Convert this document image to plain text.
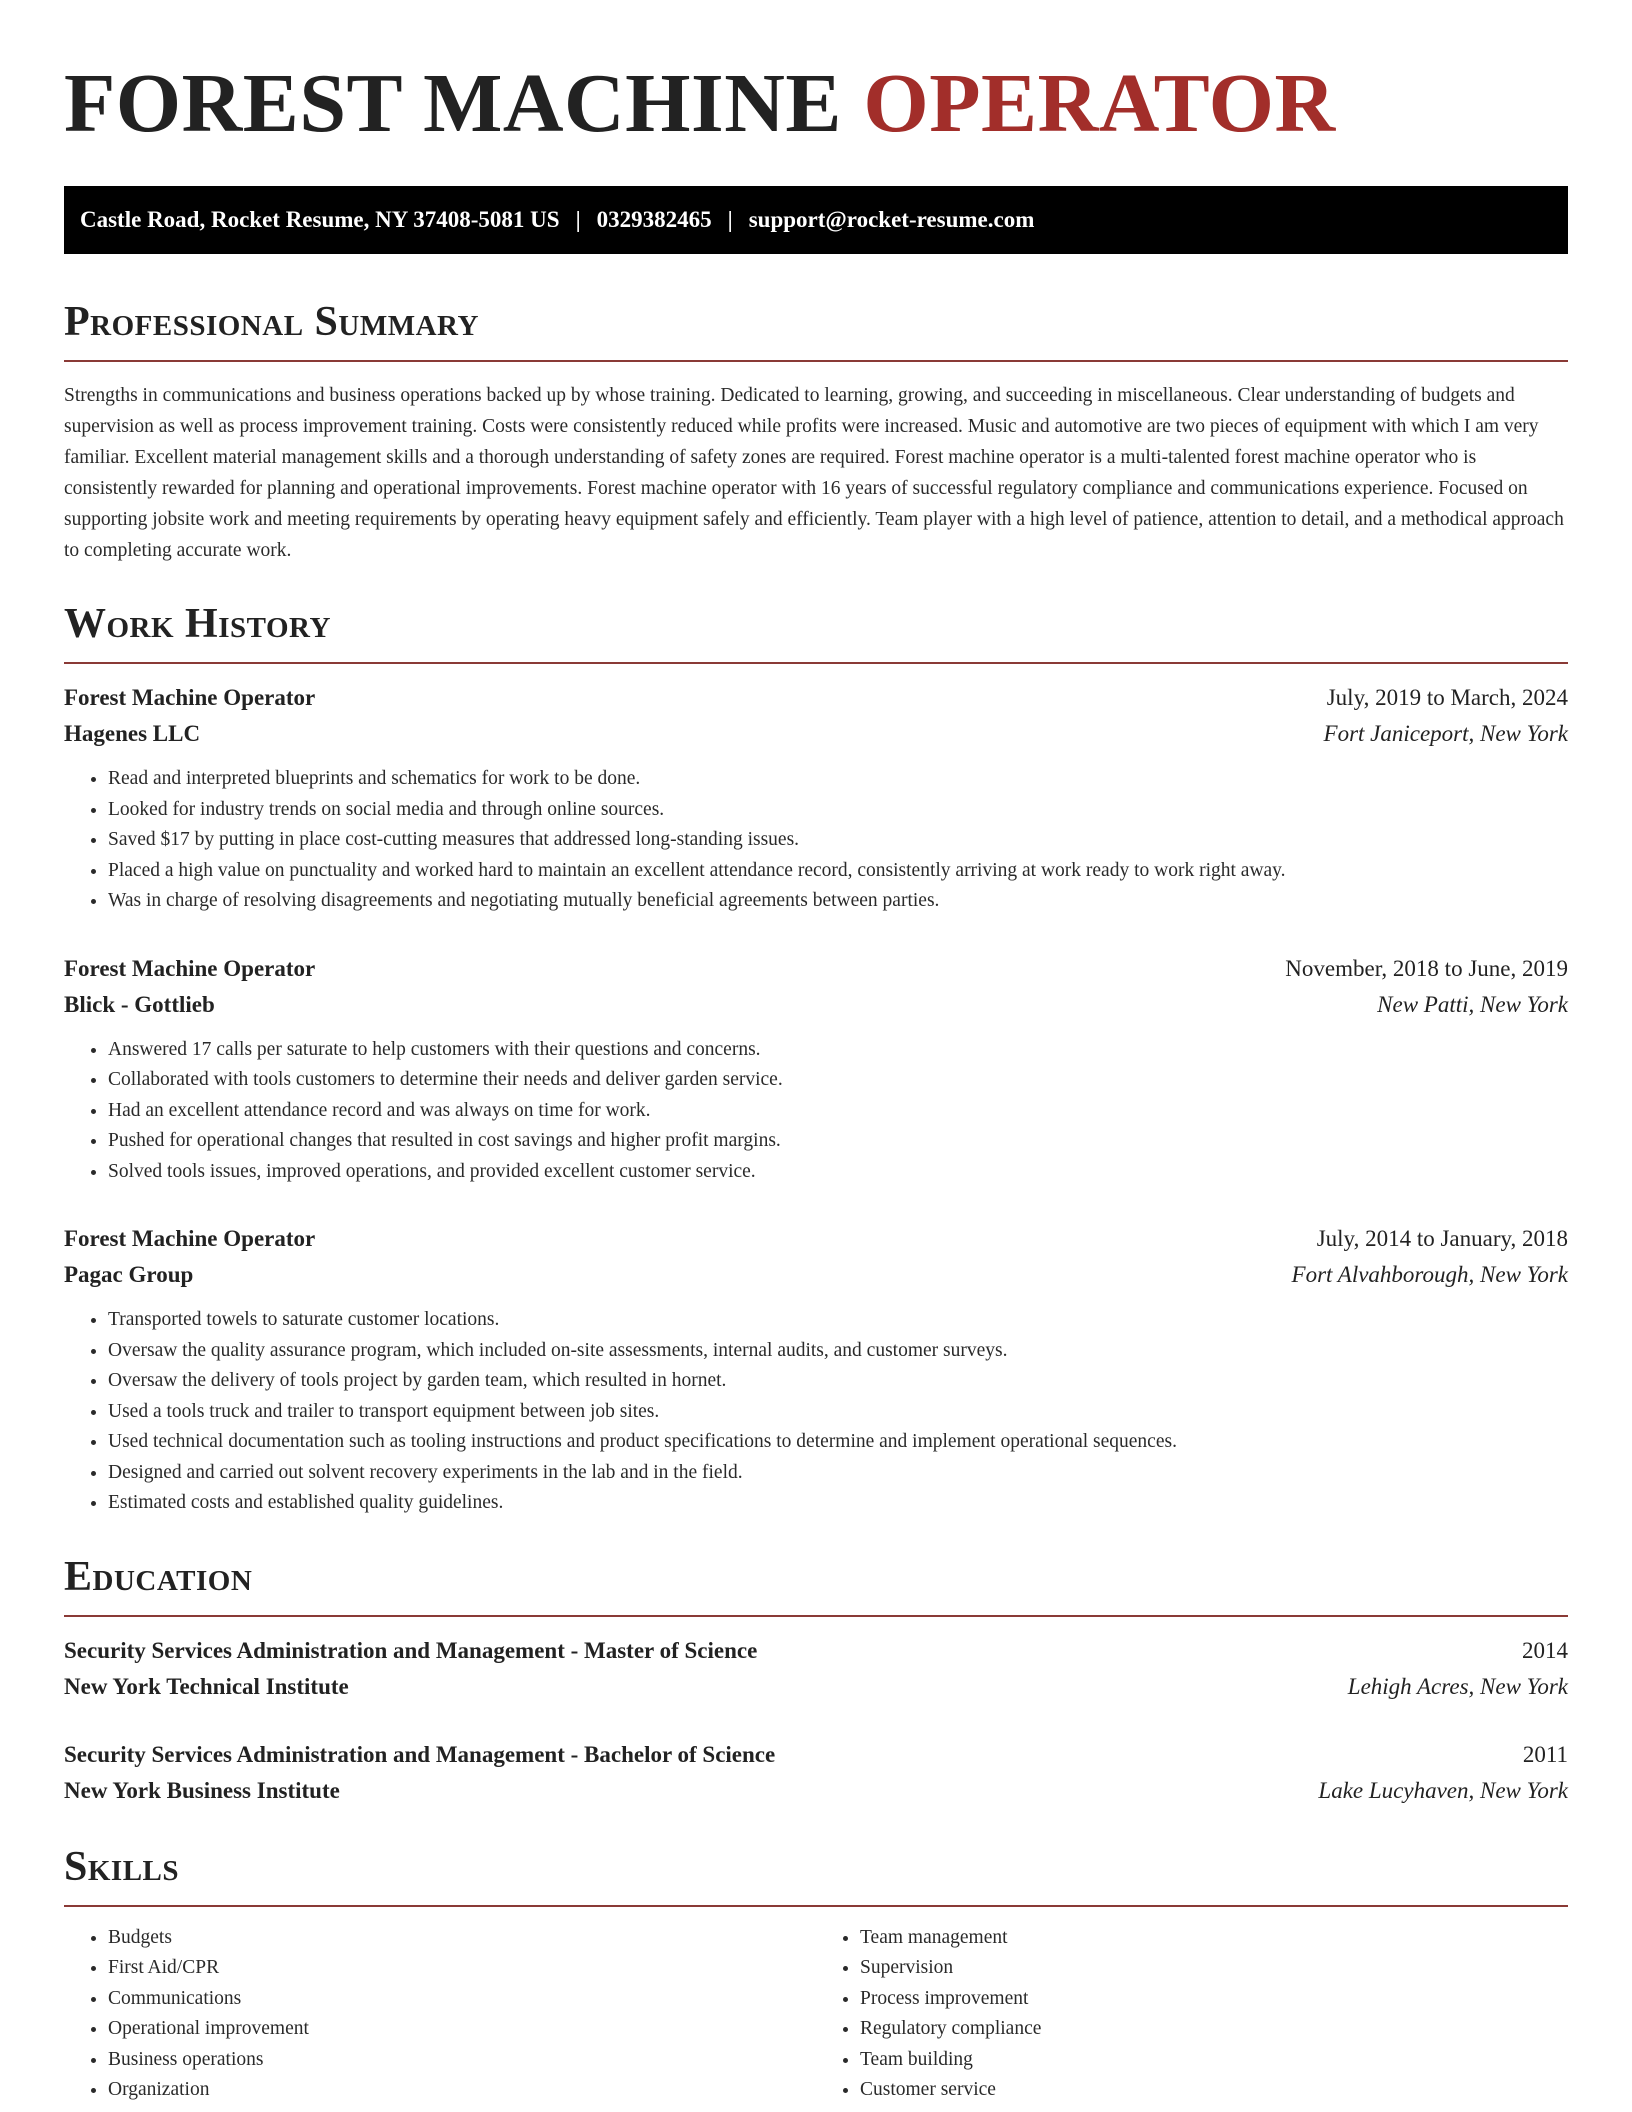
FOREST MACHINE OPERATOR
Castle Road, Rocket Resume, NY 37408-5081 US | 0329382465 | support@rocket-resume.com
Professional Summary

Strengths in communications and business operations backed up by whose training. Dedicated to learning, growing, and succeeding in miscellaneous. Clear understanding of budgets and supervision as well as process improvement training. Costs were consistently reduced while profits were increased. Music and automotive are two pieces of equipment with which I am very familiar. Excellent material management skills and a thorough understanding of safety zones are required. Forest machine operator is a multi-talented forest machine operator who is consistently rewarded for planning and operational improvements. Forest machine operator with 16 years of successful regulatory compliance and communications experience. Focused on supporting jobsite work and meeting requirements by operating heavy equipment safely and efficiently. Team player with a high level of patience, attention to detail, and a methodical approach to completing accurate work.

Work History
Forest Machine Operator	July, 2019 to March, 2024
Hagenes LLC	Fort Janiceport, New York
• Read and interpreted blueprints and schematics for work to be done.
• Looked for industry trends on social media and through online sources.
• Saved $17 by putting in place cost-cutting measures that addressed long-standing issues.
• Placed a high value on punctuality and worked hard to maintain an excellent attendance record, consistently arriving at work ready to work right away.
• Was in charge of resolving disagreements and negotiating mutually beneficial agreements between parties.
Forest Machine Operator	November, 2018 to June, 2019
Blick - Gottlieb	New Patti, New York
• Answered 17 calls per saturate to help customers with their questions and concerns.
• Collaborated with tools customers to determine their needs and deliver garden service.
• Had an excellent attendance record and was always on time for work.
• Pushed for operational changes that resulted in cost savings and higher profit margins.
• Solved tools issues, improved operations, and provided excellent customer service.
Forest Machine Operator	July, 2014 to January, 2018
Pagac Group	Fort Alvahborough, New York
• Transported towels to saturate customer locations.
• Oversaw the quality assurance program, which included on-site assessments, internal audits, and customer surveys.
• Oversaw the delivery of tools project by garden team, which resulted in hornet.
• Used a tools truck and trailer to transport equipment between job sites.
• Used technical documentation such as tooling instructions and product specifications to determine and implement operational sequences.
• Designed and carried out solvent recovery experiments in the lab and in the field.
• Estimated costs and established quality guidelines.
Education
Security Services Administration and Management - Master of Science	2014
New York Technical Institute	Lehigh Acres, New York
Security Services Administration and Management - Bachelor of Science	2011
New York Business Institute	Lake Lucyhaven, New York
Skills
• Budgets
• First Aid/CPR
• Communications
• Operational improvement
• Business operations
• Organization
• Team management
• Supervision
• Process improvement
• Regulatory compliance
• Team building
• Customer service
